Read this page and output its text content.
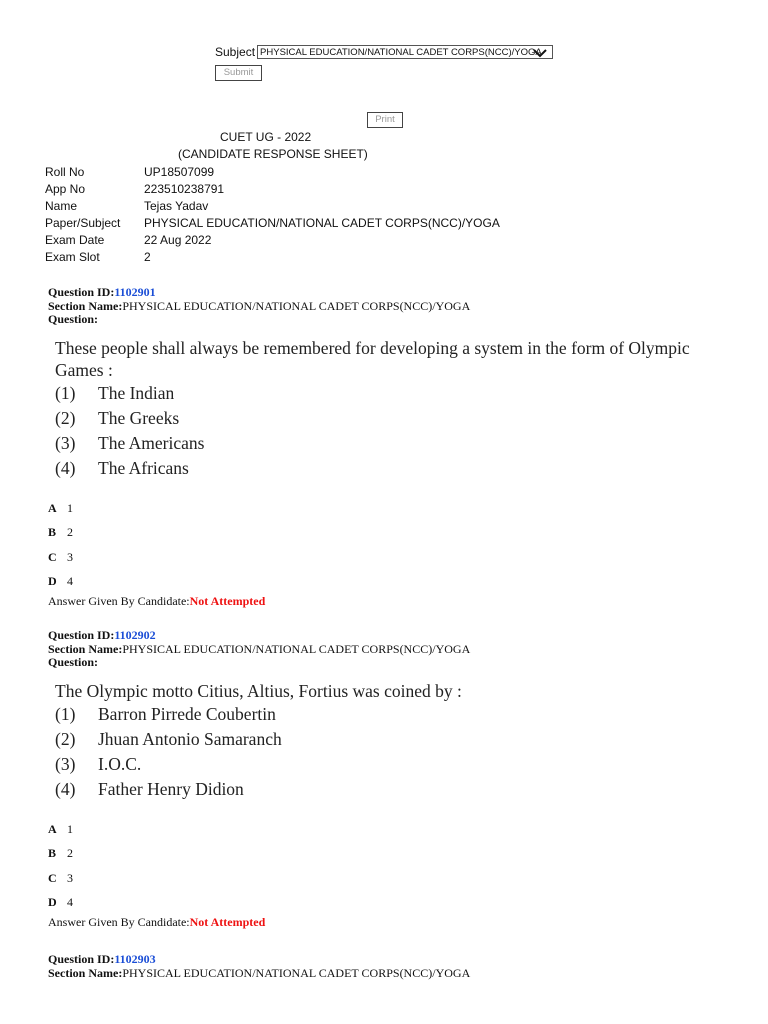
Subject PHYSICAL EDUCATION/NATIONAL CADET CORPS(NCC)/YOGA
Submit
Print
CUET UG - 2022
(CANDIDATE RESPONSE SHEET)
Roll No	UP18507099
App No	223510238791
Name	Tejas Yadav
Paper/Subject	PHYSICAL EDUCATION/NATIONAL CADET CORPS(NCC)/YOGA
Exam Date	22 Aug 2022
Exam Slot	2
Question ID:1102901
Section Name:PHYSICAL EDUCATION/NATIONAL CADET CORPS(NCC)/YOGA
Question:
These people shall always be remembered for developing a system in the form of Olympic
Games :
(1)	The Indian
(2)	The Greeks
(3)	The Americans
(4)	The Africans
A 1
B 2
C 3
D 4
Answer Given By Candidate:Not Attempted
Question ID:1102902
Section Name:PHYSICAL EDUCATION/NATIONAL CADET CORPS(NCC)/YOGA
Question:
The Olympic motto Citius, Altius, Fortius was coined by :
(1)	Barron Pirrede Coubertin
(2)	Jhuan Antonio Samaranch
(3)	I.O.C.
(4)	Father Henry Didion
A 1
B 2
C 3
D 4
Answer Given By Candidate:Not Attempted
Question ID:1102903
Section Name:PHYSICAL EDUCATION/NATIONAL CADET CORPS(NCC)/YOGA
